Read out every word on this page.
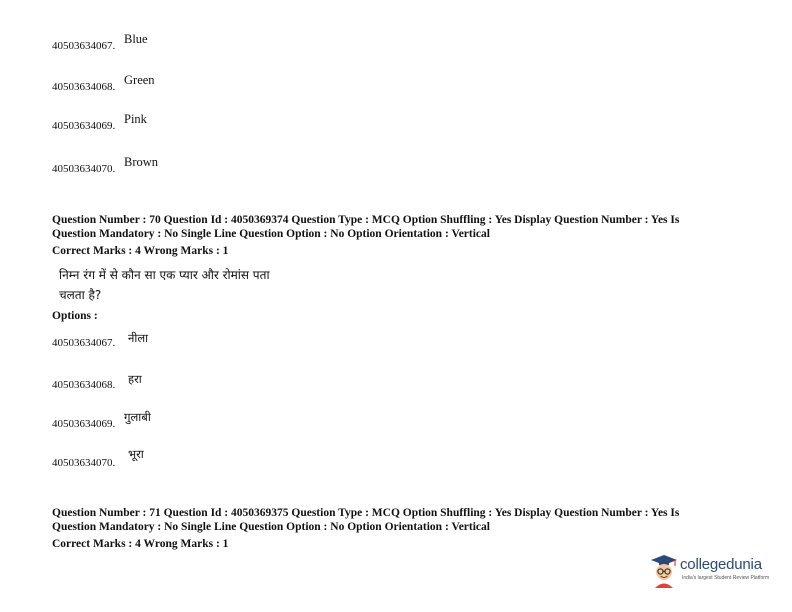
40503634067. Blue
40503634068. Green
40503634069. Pink
40503634070. Brown
Question Number : 70 Question Id : 4050369374 Question Type : MCQ Option Shuffling : Yes Display Question Number : Yes Is
Question Mandatory : No Single Line Question Option : No Option Orientation : Vertical
Correct Marks : 4 Wrong Marks : 1
निम्न रंग में से कौन सा एक प्यार और रोमांस पता
चलता है?
Options :
40503634067. नीला
40503634068. हरा
40503634069. गुलाबी
40503634070.
भूरा
Question Number : 71 Question Id : 4050369375 Question Type : MCQ Option Shuffling : Yes Display Question Number : Yes Is
Question Mandatory : No Single Line Question Option : No Option Orientation : Vertical
Correct Marks : 4 Wrong Marks : 1
collegedunia
India's largest Student Review Platform
